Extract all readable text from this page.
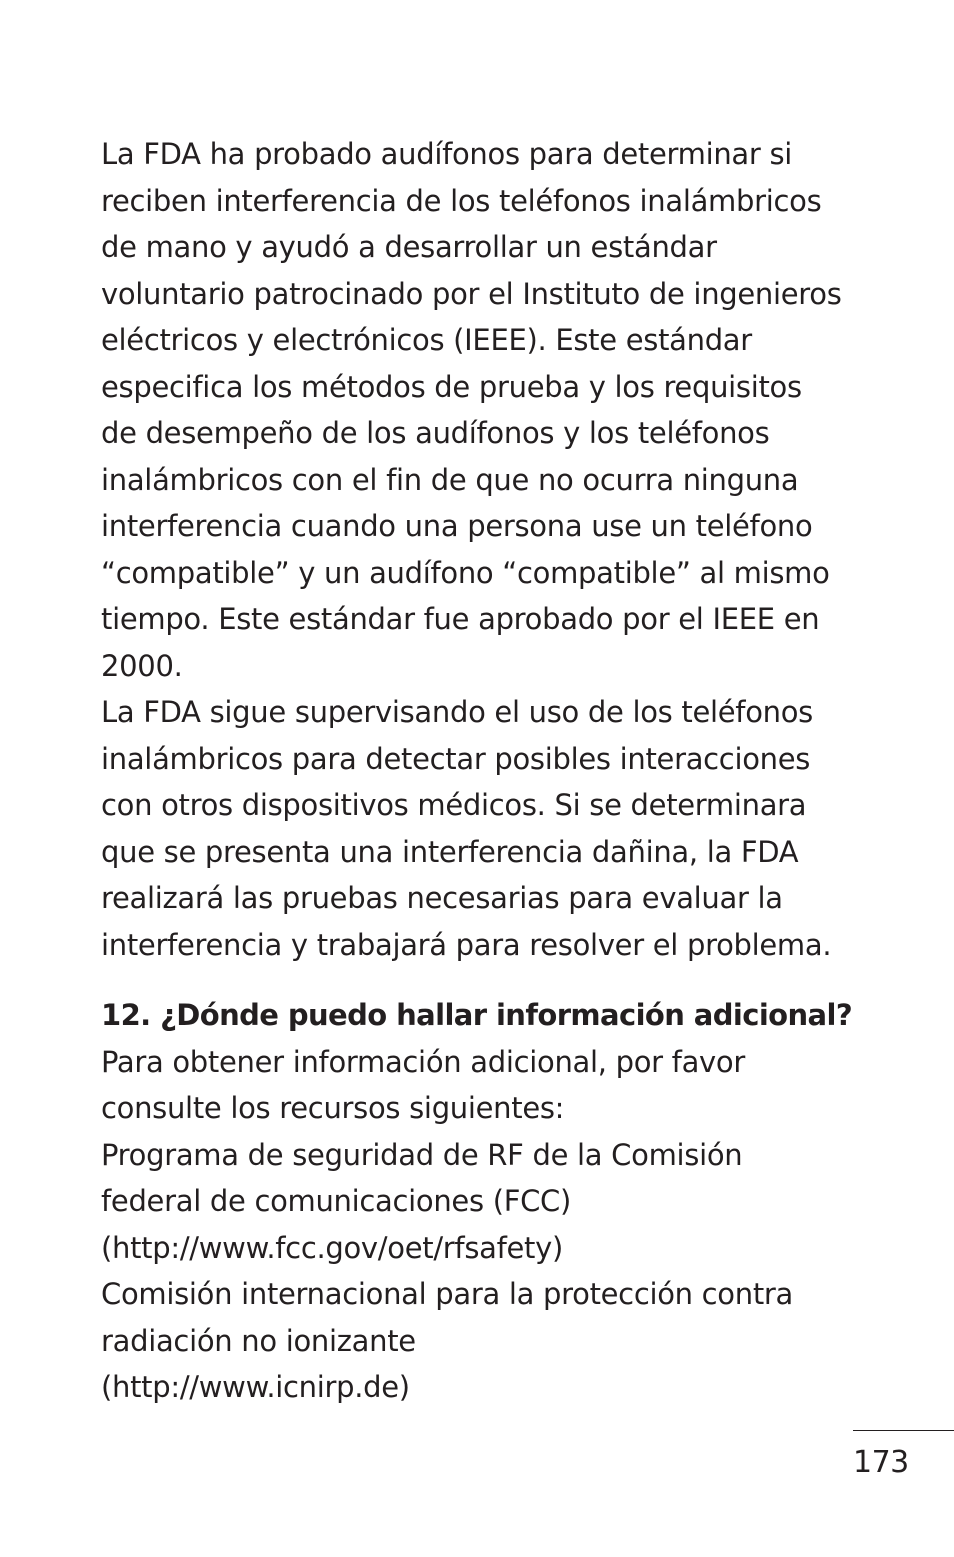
La FDA ha probado audífonos para determinar si
reciben interferencia de los teléfonos inalámbricos
de mano y ayudó a desarrollar un estándar
voluntario patrocinado por el Instituto de ingenieros
eléctricos y electrónicos (IEEE). Este estándar
especifica los métodos de prueba y los requisitos
de desempeño de los audífonos y los teléfonos
inalámbricos con el fin de que no ocurra ninguna
interferencia cuando una persona use un teléfono
“compatible” y un audífono “compatible” al mismo
tiempo. Este estándar fue aprobado por el IEEE en
2000.
La FDA sigue supervisando el uso de los teléfonos
inalámbricos para detectar posibles interacciones
con otros dispositivos médicos. Si se determinara
que se presenta una interferencia dañina, la FDA
realizará las pruebas necesarias para evaluar la
interferencia y trabajará para resolver el problema.
12. ¿Dónde puedo hallar información adicional?
Para obtener información adicional, por favor
consulte los recursos siguientes:
Programa de seguridad de RF de la Comisión
federal de comunicaciones (FCC)
(http://www.fcc.gov/oet/rfsafety)
Comisión internacional para la protección contra
radiación no ionizante
(http://www.icnirp.de)
173
